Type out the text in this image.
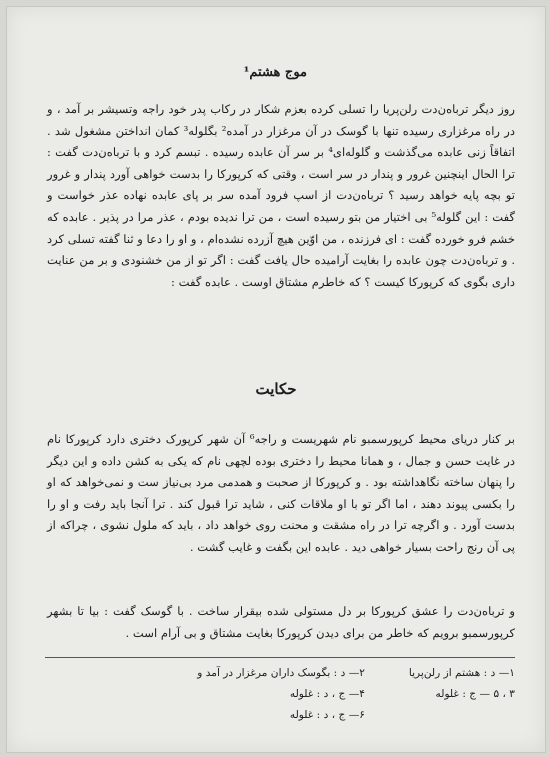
موج هشتم¹
روز دیگر ترباه‌ن‌دت رلن‌پریا را تسلی کرده بعزم شکار در رکاب پدر خود راجه وتسیشر بر آمد ، و در راه مرغزاری رسیده تنها با گوسک در آن مرغزار در آمده² بگلوله³ کمان انداختن مشغول شد . اتفاقاً زنی عابده می‌گذشت و گلوله‌ای⁴ بر سر آن عابده رسیده . تبسم کرد و با ترباه‌ن‌دت گفت : ترا الحال اینچنین غرور و پندار در سر است ، وقتی که کرپورکا را بدست خواهی آورد پندار و غرور تو بچه پایه خواهد رسید ؟ ترباه‌ن‌دت از اسپ فرود آمده سر بر پای عابده نهاده عذر خواست و گفت : این گلوله⁵ بی اختیار من بتو رسیده است ، من ترا ندیده بودم ، عذر مرا در پذیر . عابده که خشم فرو خورده گفت : ای فرزنده ، من اوّین هیچ آزرده نشده‌ام ، و او را دعا و ثنا گفته تسلی کرد . و ترباه‌ن‌دت چون عابده را بغایت آرامیده حال یافت گفت : اگر تو از من خشنودی و بر من عنایت داری بگوی که کرپورکا کیست ؟ که خاطرم مشتاق اوست . عابده گفت :
حکایت
بر کنار دریای محیط کرپورسمبو نام شهریست و راجه⁶ آن شهر کرپورک دختری دارد کرپورکا نام در غایت حسن و جمال ، و همانا محیط را دختری بوده لچهی نام که یکی به کشن داده و این دیگر را پنهان ساخته نگاهداشته بود . و کرپورکا از صحبت و همدمی مرد بی‌نیاز ست و نمی‌خواهد که او را بکسی پیوند دهند ، اما اگر تو با او ملاقات کنی ، شاید ترا قبول کند . ترا آنجا باید رفت و او را بدست آورد . و اگرچه ترا در راه مشقت و محنت روی خواهد داد ، باید که ملول نشوی ، چراکه از پی آن رنج راحت بسیار خواهی دید . عابده این بگفت و غایب گشت .
و ترباه‌ن‌دت را عشق کرپورکا بر دل مستولی شده بیقرار ساخت . با گوسک گفت : بیا تا بشهر کرپورسمبو برویم که خاطر من برای دیدن کرپورکا بغایت مشتاق و بی آرام است .
۱— د : هشتم از رلن‌پریا
۳ ، ۵ — ج : غلوله
۲— د : بگوسک داران مرغزار در آمد و
۴— ج ، د : غلوله
۶— ج ، د : غلوله
